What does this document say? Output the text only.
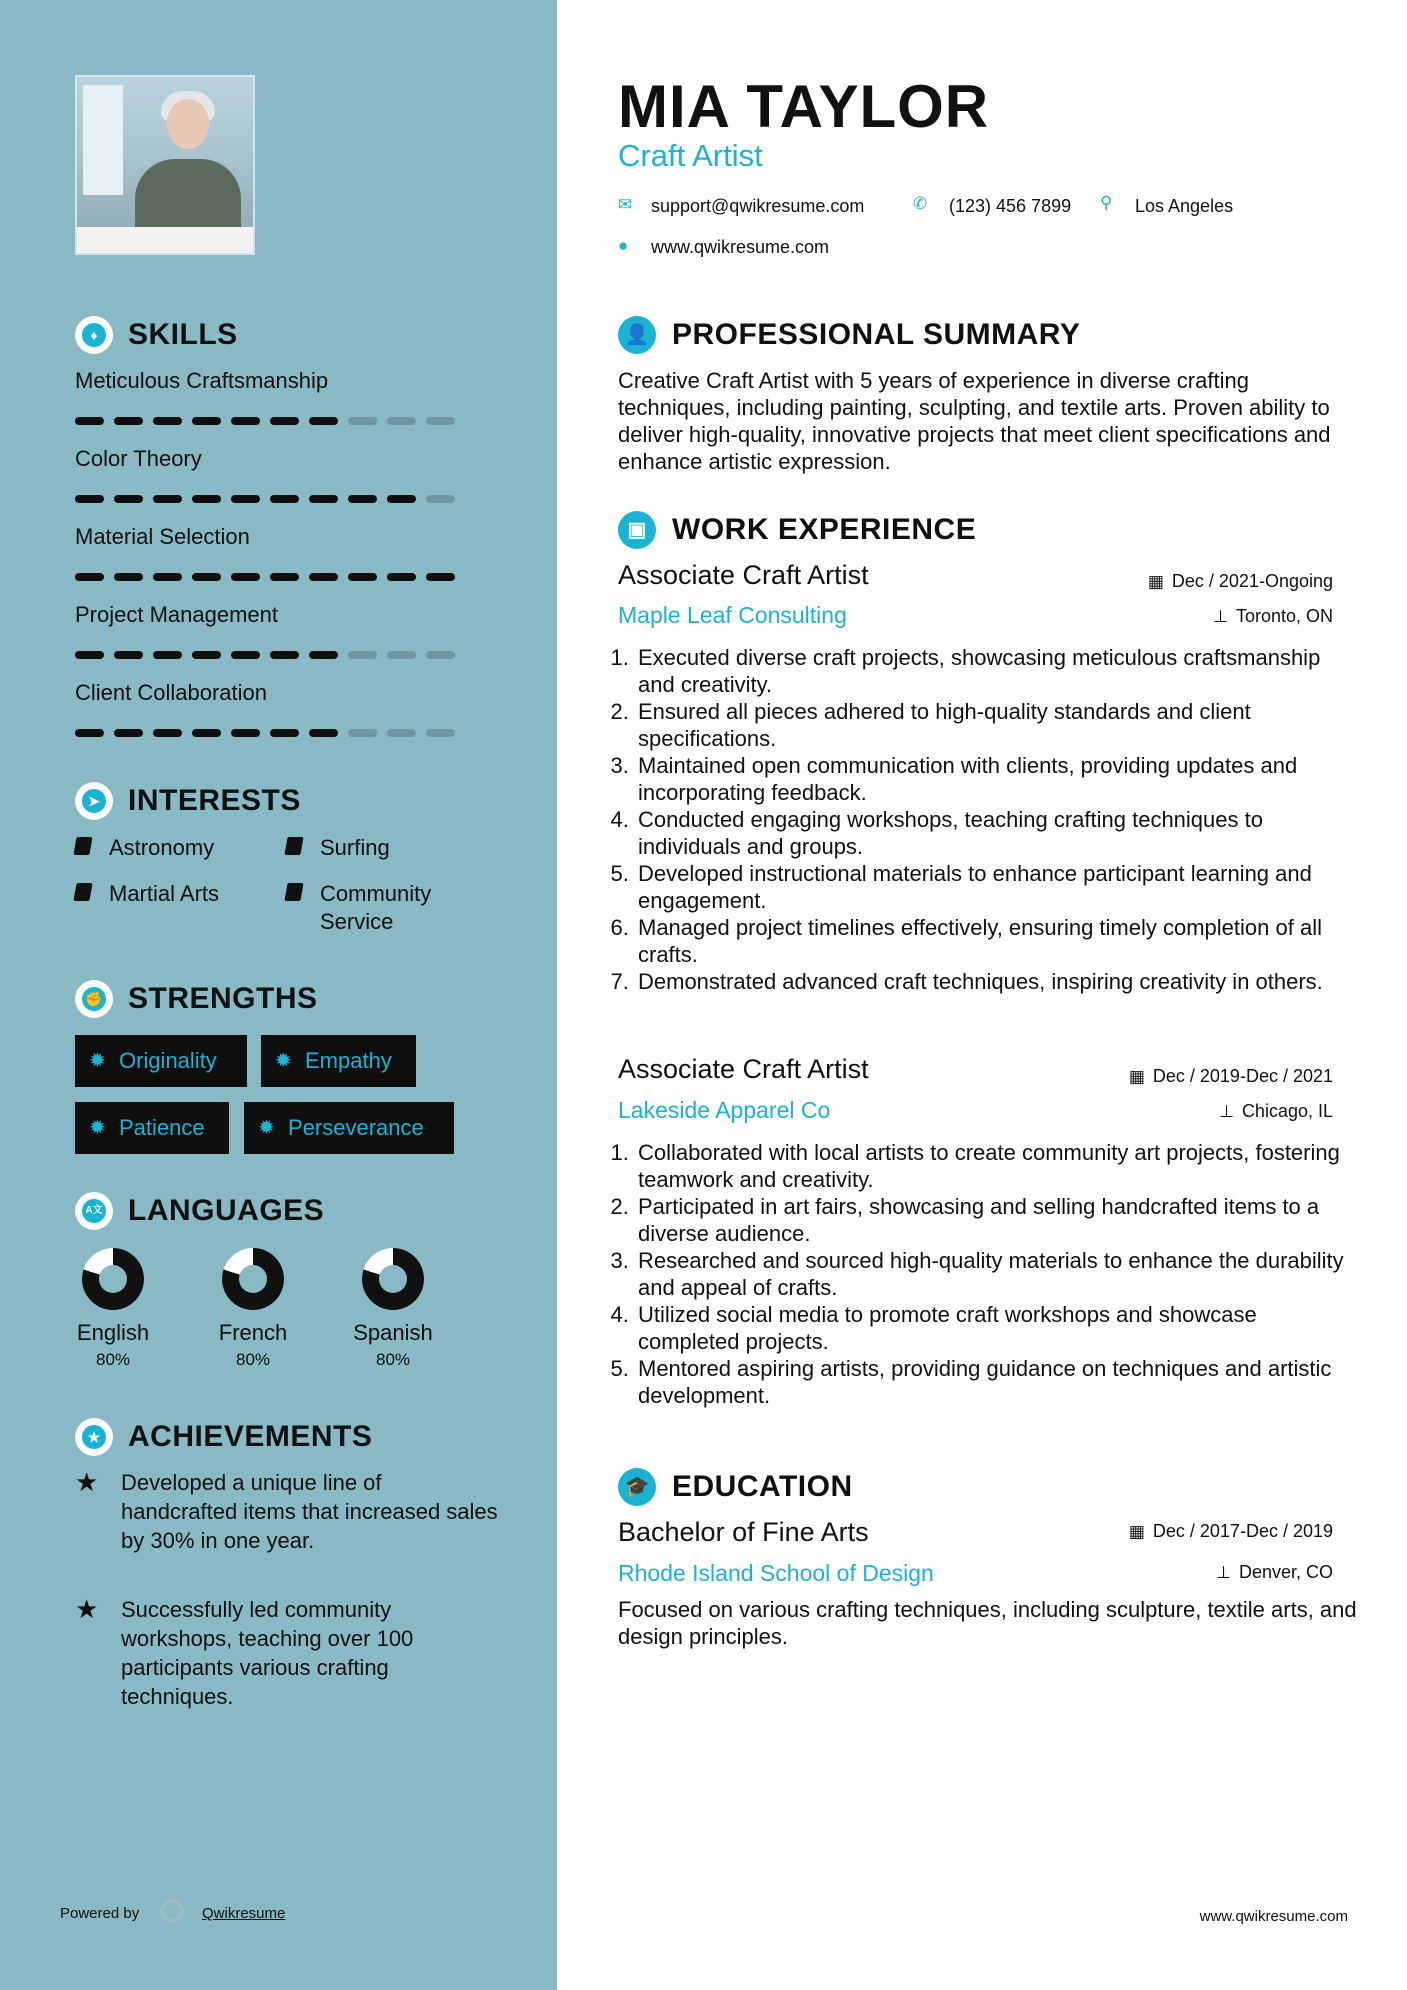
♦ SKILLS
Meticulous Craftsmanship
Color Theory
Material Selection
Project Management
Client Collaboration
➤ INTERESTS
Astronomy	Surfing
Martial Arts	Community Service
✊ STRENGTHS
✹ Originality	✹ Empathy
✹ Patience	✹ Perseverance
A文 LANGUAGES
English
80%
French
80%
Spanish
80%
★ ACHIEVEMENTS
★ Developed a unique line of handcrafted items that increased sales by 30% in one year.
★ Successfully led community workshops, teaching over 100 participants various crafting techniques.
Powered by	Qwikresume
MIA TAYLOR
Craft Artist
✉ support@qwikresume.com	✆ (123) 456 7899 ⚲ Los Angeles
● www.qwikresume.com
👤 PROFESSIONAL SUMMARY
Creative Craft Artist with 5 years of experience in diverse crafting techniques, including painting, sculpting, and textile arts. Proven ability to deliver high-quality, innovative projects that meet client specifications and enhance artistic expression.
▣ WORK EXPERIENCE
Associate Craft Artist	▦ Dec / 2021-Ongoing
Maple Leaf Consulting	⊥ Toronto, ON
1. Executed diverse craft projects, showcasing meticulous craftsmanship and creativity.
2. Ensured all pieces adhered to high-quality standards and client specifications.
3. Maintained open communication with clients, providing updates and incorporating feedback.
4. Conducted engaging workshops, teaching crafting techniques to individuals and groups.
5. Developed instructional materials to enhance participant learning and engagement.
6. Managed project timelines effectively, ensuring timely completion of all crafts.
7. Demonstrated advanced craft techniques, inspiring creativity in others.
Associate Craft Artist	▦ Dec / 2019-Dec / 2021
Lakeside Apparel Co	⊥ Chicago, IL
1. Collaborated with local artists to create community art projects, fostering teamwork and creativity.
2. Participated in art fairs, showcasing and selling handcrafted items to a diverse audience.
3. Researched and sourced high-quality materials to enhance the durability and appeal of crafts.
4. Utilized social media to promote craft workshops and showcase completed projects.
5. Mentored aspiring artists, providing guidance on techniques and artistic development.
🎓 EDUCATION
Bachelor of Fine Arts	▦ Dec / 2017-Dec / 2019
Rhode Island School of Design	⊥ Denver, CO
Focused on various crafting techniques, including sculpture, textile arts, and design principles.
www.qwikresume.com
